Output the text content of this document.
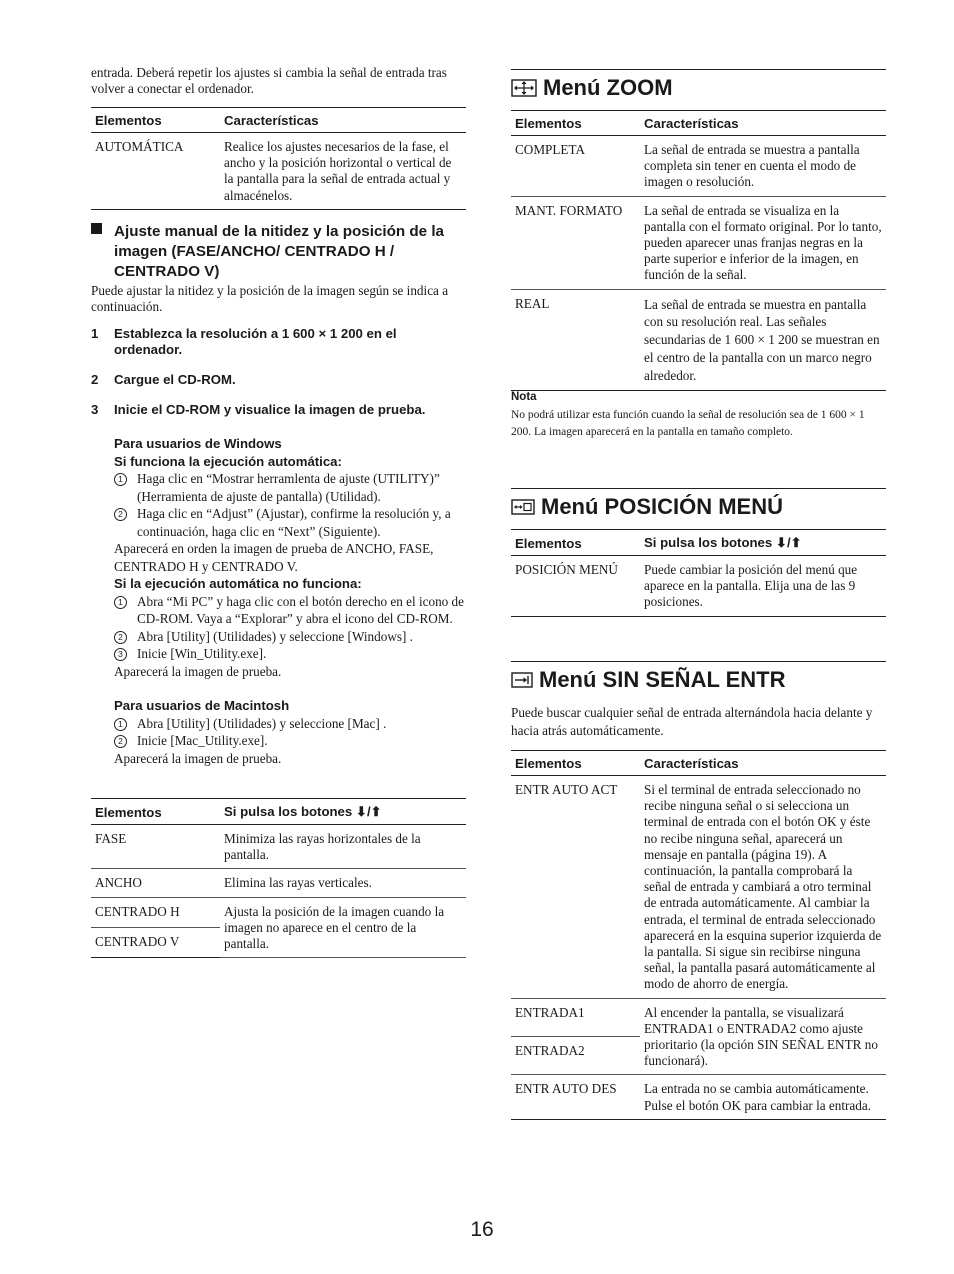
entrada. Deberá repetir los ajustes si cambia la señal de entrada tras volver a conectar el ordenador.
Elementos	Características
AUTOMÁTICA	Realice los ajustes necesarios de la fase, el ancho y la posición horizontal o vertical de la pantalla para la señal de entrada actual y almacénelos.
Ajuste manual de la nitidez y la posición de la imagen (FASE/ANCHO/ CENTRADO H / CENTRADO V)
Puede ajustar la nitidez y la posición de la imagen según se indica a continuación.
1	Establezca la resolución a 1 600 × 1 200 en el ordenador.
2	Cargue el CD-ROM.
3	Inicie el CD-ROM y visualice la imagen de prueba.
Para usuarios de Windows
Si funciona la ejecución automática:
1	Haga clic en “Mostrar herramlenta de ajuste (UTILITY)” (Herramienta de ajuste de pantalla) (Utilidad).
2	Haga clic en “Adjust” (Ajustar), confirme la resolución y, a continuación, haga clic en “Next” (Siguiente).
Aparecerá en orden la imagen de prueba de ANCHO, FASE, CENTRADO H y CENTRADO V.
Si la ejecución automática no funciona:
1	Abra “Mi PC” y haga clic con el botón derecho en el icono de CD-ROM. Vaya a “Explorar” y abra el icono del CD-ROM.
2	Abra [Utility] (Utilidades) y seleccione [Windows] .
3	Inicie [Win_Utility.exe].
Aparecerá la imagen de prueba.
Para usuarios de Macintosh
1	Abra [Utility] (Utilidades) y seleccione [Mac] .
2	Inicie [Mac_Utility.exe].
Aparecerá la imagen de prueba.
Elementos	Si pulsa los botones ⬇/⬆
FASE	Minimiza las rayas horizontales de la pantalla.
ANCHO	Elimina las rayas verticales.
CENTRADO H	Ajusta la posición de la imagen cuando la imagen no aparece en el centro de la pantalla.
CENTRADO V	
Menú ZOOM
Elementos	Características
COMPLETA	La señal de entrada se muestra a pantalla completa sin tener en cuenta el modo de imagen o resolución.
MANT. FORMATO	La señal de entrada se visualiza en la pantalla con el formato original. Por lo tanto, pueden aparecer unas franjas negras en la parte superior e inferior de la imagen, en función de la señal.
REAL	La señal de entrada se muestra en pantalla con su resolución real. Las señales secundarias de 1 600 × 1 200 se muestran en el centro de la pantalla con un marco negro alrededor.
Nota
No podrá utilizar esta función cuando la señal de resolución sea de 1 600 × 1 200. La imagen aparecerá en la pantalla en tamaño completo.
Menú POSICIÓN MENÚ
Elementos	Si pulsa los botones ⬇/⬆
POSICIÓN MENÚ	Puede cambiar la posición del menú que aparece en la pantalla. Elija una de las 9 posiciones.
Menú SIN SEÑAL ENTR
Puede buscar cualquier señal de entrada alternándola hacia delante y hacia atrás automáticamente.
Elementos	Características
ENTR AUTO ACT	Si el terminal de entrada seleccionado no recibe ninguna señal o si selecciona un terminal de entrada con el botón OK y éste no recibe ninguna señal, aparecerá un mensaje en pantalla (página 19). A continuación, la pantalla comprobará la señal de entrada y cambiará a otro terminal de entrada automáticamente. Al cambiar la entrada, el terminal de entrada seleccionado aparecerá en la esquina superior izquierda de la pantalla. Si sigue sin recibirse ninguna señal, la pantalla pasará automáticamente al modo de ahorro de energía.
ENTRADA1	Al encender la pantalla, se visualizará ENTRADA1 o ENTRADA2 como ajuste prioritario (la opción SIN SEÑAL ENTR no funcionará).
ENTRADA2	
ENTR AUTO DES	La entrada no se cambia automáticamente. Pulse el botón OK para cambiar la entrada.
16
